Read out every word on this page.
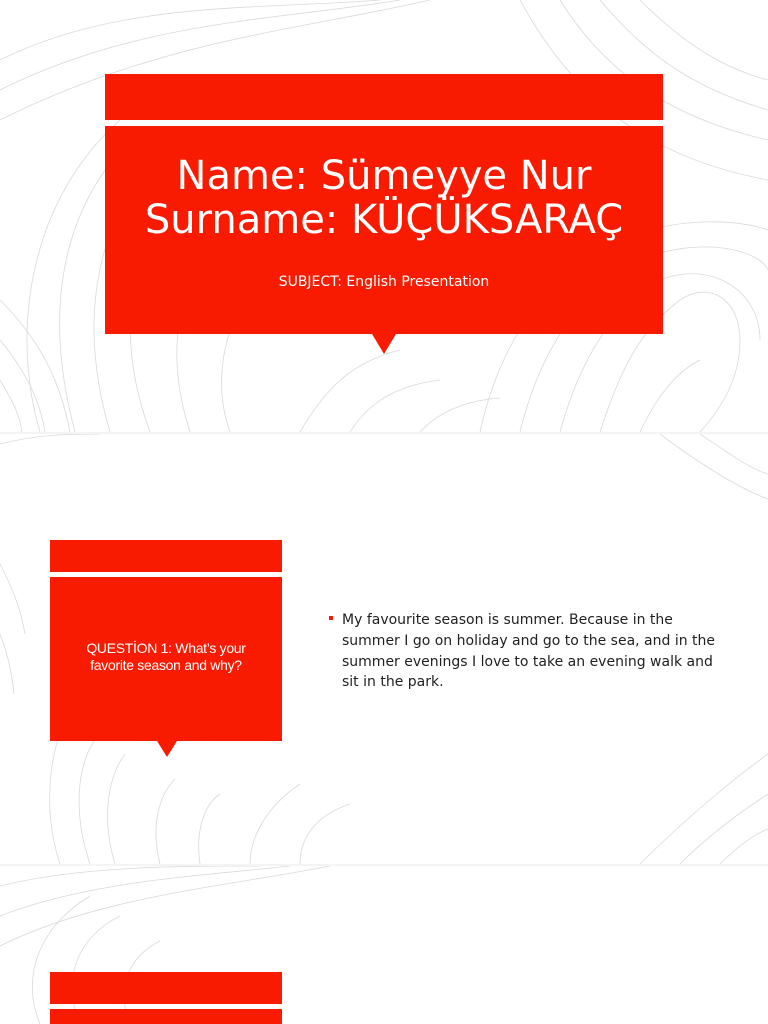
Name: Sümeyye Nur
Surname: KÜÇÜKSARAÇ
SUBJECT: English Presentation
QUESTİON 1: What’s your favorite season and why?
My favourite season is summer. Because in the summer I go on holiday and go to the sea, and in the summer evenings I love to take an evening walk and sit in the park.
